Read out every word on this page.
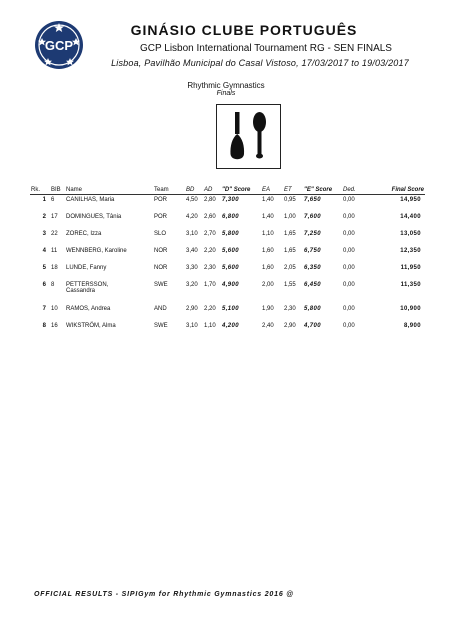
GCP
GINÁSIO CLUBE PORTUGUÊS
GCP Lisbon International Tournament RG - SEN FINALS
Lisboa, Pavilhão Municipal do Casal Vistoso, 17/03/2017 to 19/03/2017
Rhythmic Gymnastics
Finals
Rk.	BIB	Name	Team	BD	AD	"D" Score	EA	ET	"E" Score	Ded.	Final Score
1	6	CANILHAS, Maria	POR	4,50	2,80	7,300	1,40	0,95	7,650	0,00	14,950
2	17	DOMINGUES, Tânia	POR	4,20	2,60	6,800	1,40	1,00	7,600	0,00	14,400
3	22	ZOREC, Izza	SLO	3,10	2,70	5,800	1,10	1,65	7,250	0,00	13,050
4	11	WENNBERG, Karoline	NOR	3,40	2,20	5,600	1,60	1,65	6,750	0,00	12,350
5	18	LUNDE, Fanny	NOR	3,30	2,30	5,600	1,60	2,05	6,350	0,00	11,950
6	8	PETTERSSON,
Cassandra	SWE	3,20	1,70	4,900	2,00	1,55	6,450	0,00	11,350
7	10	RAMOS, Andrea	AND	2,90	2,20	5,100	1,90	2,30	5,800	0,00	10,900
8	16	WIKSTRÖM, Alma	SWE	3,10	1,10	4,200	2,40	2,90	4,700	0,00	8,900
OFFICIAL RESULTS - SIPIGym for Rhythmic Gymnastics 2016 @
